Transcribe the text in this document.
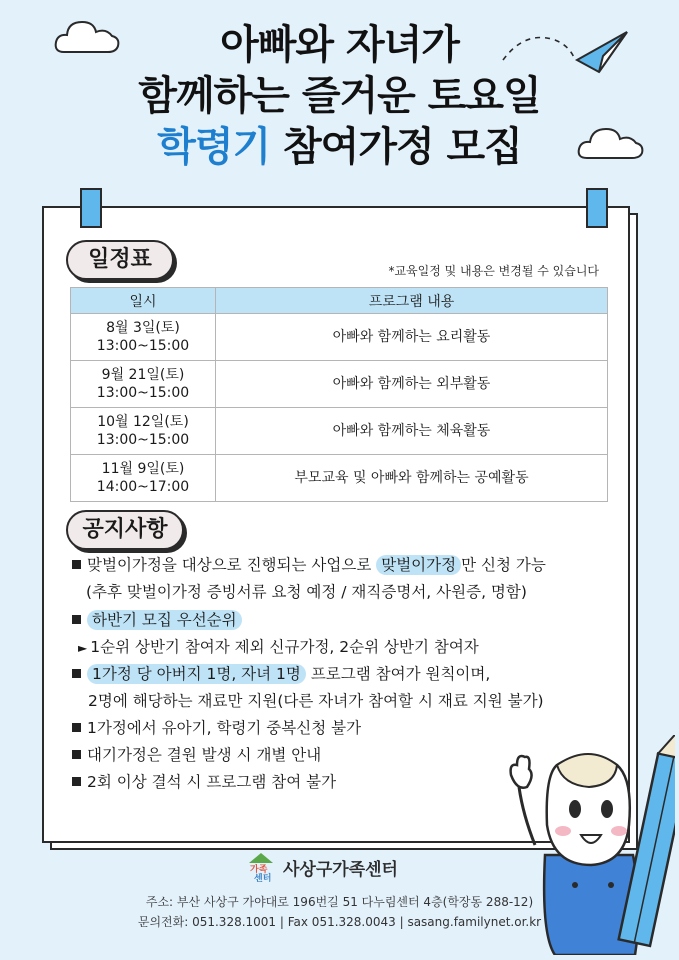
아빠와 자녀가
함께하는 즐거운 토요일
학령기 참여가정 모집
일정표	*교육일정 및 내용은 변경될 수 있습니다
일시	프로그램 내용

8월 3일(토)
13:00~15:00	아빠와 함께하는 요리활동

9월 21일(토)
13:00~15:00	아빠와 함께하는 외부활동

10월 12일(토)
13:00~15:00	아빠와 함께하는 체육활동

11월 9일(토)
14:00~17:00	부모교육 및 아빠와 함께하는 공예활동
공지사항
맞벌이가정을 대상으로 진행되는 사업으로 맞벌이가정 만 신청 가능
(추후 맞벌이가정 증빙서류 요청 예정 / 재직증명서, 사원증, 명함)
하반기 모집 우선순위
► 1순위 상반기 참여자 제외 신규가정, 2순위 상반기 참여자
1가정 당 아버지 1명, 자녀 1명 프로그램 참여가 원칙이며,
2명에 해당하는 재료만 지원(다른 자녀가 참여할 시 재료 지원 불가)
1가정에서 유아기, 학령기 중복신청 불가
대기가정은 결원 발생 시 개별 안내
2회 이상 결석 시 프로그램 참여 불가
가족
센터 사상구가족센터
주소: 부산 사상구 가야대로 196번길 51 다누림센터 4층(학장동 288-12)
문의전화: 051.328.1001 | Fax 051.328.0043 | sasang.familynet.or.kr
